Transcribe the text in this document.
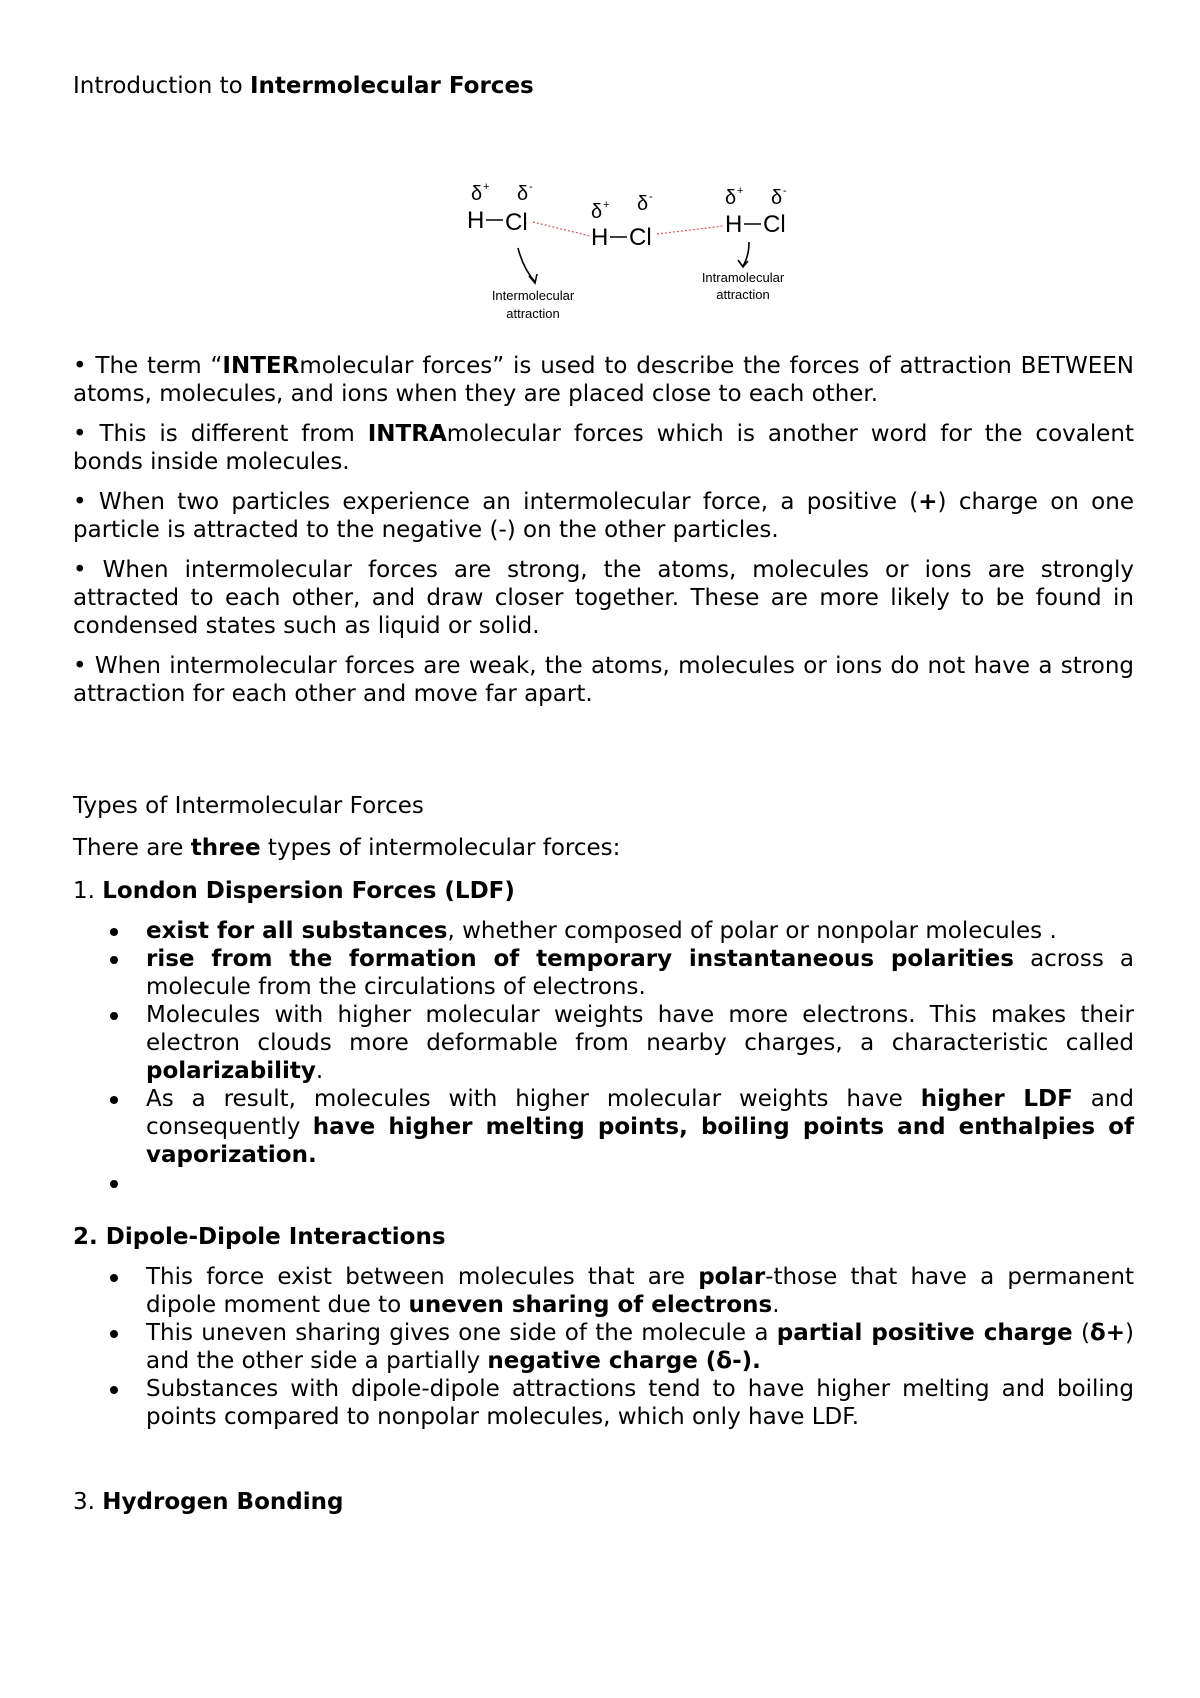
Introduction to Intermolecular Forces

δ + δ -
H Cl	δ + δ -
H Cl
δ + δ -
H Cl
Intermolecular
attraction
Intramolecular
attraction

• The term “INTERmolecular forces” is used to describe the forces of attraction BETWEEN atoms, molecules, and ions when they are placed close to each other.

• This is different from INTRAmolecular forces which is another word for the covalent bonds inside molecules.

• When two particles experience an intermolecular force, a positive (+) charge on one particle is attracted to the negative (-) on the other particles.

• When intermolecular forces are strong, the atoms, molecules or ions are strongly attracted to each other, and draw closer together. These are more likely to be found in condensed states such as liquid or solid.

• When intermolecular forces are weak, the atoms, molecules or ions do not have a strong attraction for each other and move far apart.

Types of Intermolecular Forces

There are three types of intermolecular forces:

1. London Dispersion Forces (LDF)

exist for all substances, whether composed of polar or nonpolar molecules .
rise from the formation of temporary instantaneous polarities across a molecule from the circulations of electrons.
Molecules with higher molecular weights have more electrons. This makes their electron clouds more deformable from nearby charges, a characteristic called polarizability.
As a result, molecules with higher molecular weights have higher LDF and consequently have higher melting points, boiling points and enthalpies of vaporization.

2. Dipole-Dipole Interactions

This force exist between molecules that are polar-those that have a permanent dipole moment due to uneven sharing of electrons.
This uneven sharing gives one side of the molecule a partial positive charge (δ+) and the other side a partially negative charge (δ-).
Substances with dipole-dipole attractions tend to have higher melting and boiling points compared to nonpolar molecules, which only have LDF.

3. Hydrogen Bonding
